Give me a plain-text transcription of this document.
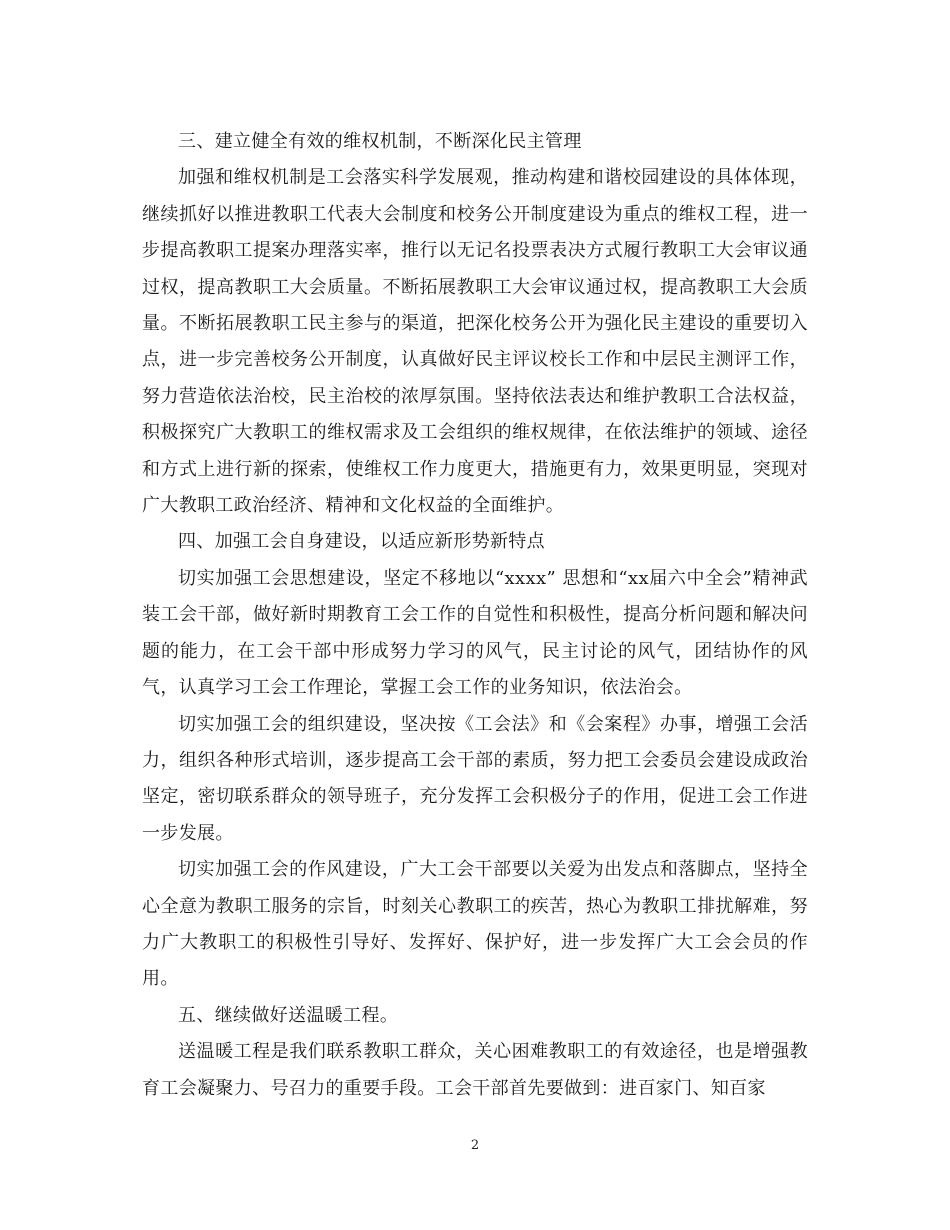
三、建立健全有效的维权机制，不断深化民主管理

加强和维权机制是工会落实科学发展观，推动构建和谐校园建设的具体体现，继续抓好以推进教职工代表大会制度和校务公开制度建设为重点的维权工程，进一步提高教职工提案办理落实率，推行以无记名投票表决方式履行教职工大会审议通过权，提高教职工大会质量。不断拓展教职工大会审议通过权，提高教职工大会质量。不断拓展教职工民主参与的渠道，把深化校务公开为强化民主建设的重要切入点，进一步完善校务公开制度，认真做好民主评议校长工作和中层民主测评工作，努力营造依法治校，民主治校的浓厚氛围。坚持依法表达和维护教职工合法权益，积极探究广大教职工的维权需求及工会组织的维权规律，在依法维护的领域、途径和方式上进行新的探索，使维权工作力度更大，措施更有力，效果更明显，突现对广大教职工政治经济、精神和文化权益的全面维护。

四、加强工会自身建设，以适应新形势新特点

切实加强工会思想建设，坚定不移地以“xxxx” 思想和“xx届六中全会”精神武装工会干部，做好新时期教育工会工作的自觉性和积极性，提高分析问题和解决问题的能力，在工会干部中形成努力学习的风气，民主讨论的风气，团结协作的风气，认真学习工会工作理论，掌握工会工作的业务知识，依法治会。

切实加强工会的组织建设，坚决按《工会法》和《会案程》办事，增强工会活力，组织各种形式培训，逐步提高工会干部的素质，努力把工会委员会建设成政治坚定，密切联系群众的领导班子，充分发挥工会积极分子的作用，促进工会工作进一步发展。

切实加强工会的作风建设，广大工会干部要以关爱为出发点和落脚点，坚持全心全意为教职工服务的宗旨，时刻关心教职工的疾苦，热心为教职工排扰解难，努力广大教职工的积极性引导好、发挥好、保护好，进一步发挥广大工会会员的作用。

五、继续做好送温暖工程。

送温暖工程是我们联系教职工群众，关心困难教职工的有效途径，也是增强教育工会凝聚力、号召力的重要手段。工会干部首先要做到：进百家门、知百家

2
